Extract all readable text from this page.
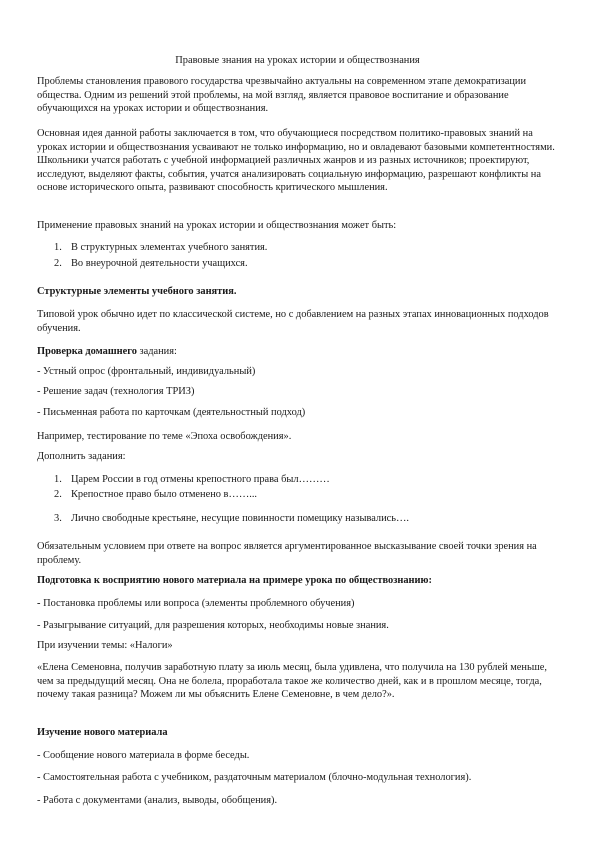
Правовые знания на уроках истории и обществознания

Проблемы становления правового государства чрезвычайно актуальны на современном этапе демократизации общества. Одним из решений этой проблемы, на мой взгляд, является правовое воспитание и образование обучающихся на уроках истории и обществознания.

Основная идея данной работы заключается в том, что обучающиеся посредством политико-правовых знаний на уроках истории и обществознания усваивают не только информацию, но и овладевают базовыми компетентностями. Школьники учатся работать с учебной информацией различных жанров и из разных источников; проектируют, исследуют, выделяют факты, события, учатся анализировать социальную информацию, разрешают конфликты на основе исторического опыта, развивают способность критического мышления.

Применение правовых знаний на уроках истории и обществознания может быть:

1. В структурных элементах учебного занятия.
2. Во внеурочной деятельности учащихся.

Структурные элементы учебного занятия.

Типовой урок обычно идет по классической системе, но с добавлением на разных этапах инновационных подходов обучения.

Проверка домашнего задания:

- Устный опрос (фронтальный, индивидуальный)

- Решение задач (технология ТРИЗ)

- Письменная работа по карточкам (деятельностный подход)

Например, тестирование по теме «Эпоха освобождения».

Дополнить задания:

1. Царем России в год отмены крепостного права был………
2. Крепостное право было отменено в……...
3. Лично свободные крестьяне, несущие повинности помещику назывались….

Обязательным условием при ответе на вопрос является аргументированное высказывание своей точки зрения на проблему.

Подготовка к восприятию нового материала на примере урока по обществознанию:

- Постановка проблемы или вопроса (элементы проблемного обучения)

- Разыгрывание ситуаций, для разрешения которых, необходимы новые знания.

При изучении темы: «Налоги»

«Елена Семеновна, получив заработную плату за июль месяц, была удивлена, что получила на 130 рублей меньше, чем за предыдущий месяц. Она не болела, проработала такое же количество дней, как и в прошлом месяце, тогда, почему такая разница? Можем ли мы объяснить Елене Семеновне, в чем дело?».

Изучение нового материала

- Сообщение нового материала в форме беседы.

- Самостоятельная работа с учебником, раздаточным материалом (блочно-модульная технология).

- Работа с документами (анализ, выводы, обобщения).
